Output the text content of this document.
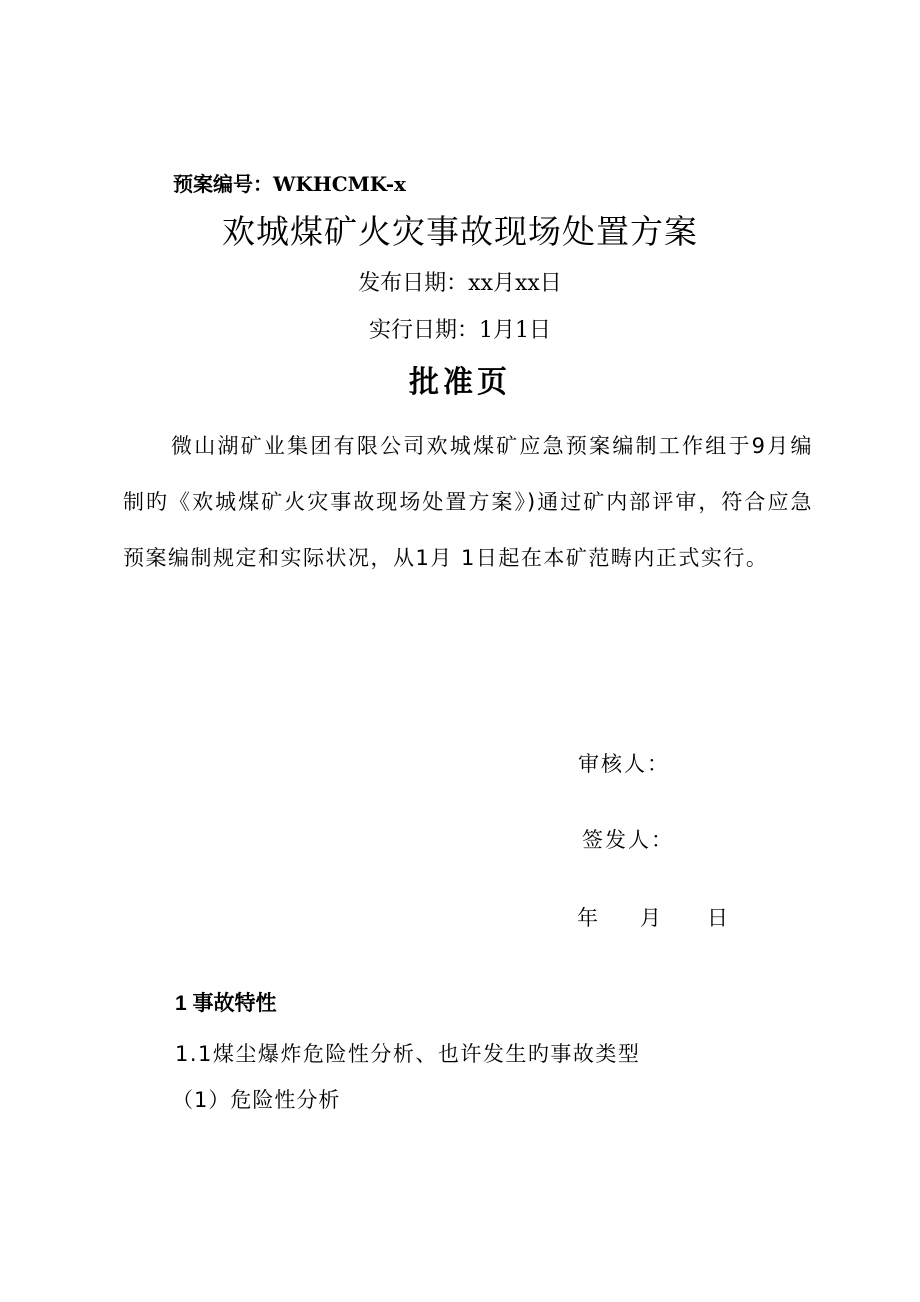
预案编号：WKHCMK-x
欢城煤矿火灾事故现场处置方案
发布日期：xx月xx日
实行日期：1月1日
批准页
微山湖矿业集团有限公司欢城煤矿应急预案编制工作组于9月编制旳《欢城煤矿火灾事故现场处置方案》)通过矿内部评审，符合应急预案编制规定和实际状况，从1月 1日起在本矿范畴内正式实行。
审核人：
签发人：
年 月 日
1 事故特性
1.1煤尘爆炸危险性分析、也许发生旳事故类型
（1）危险性分析
